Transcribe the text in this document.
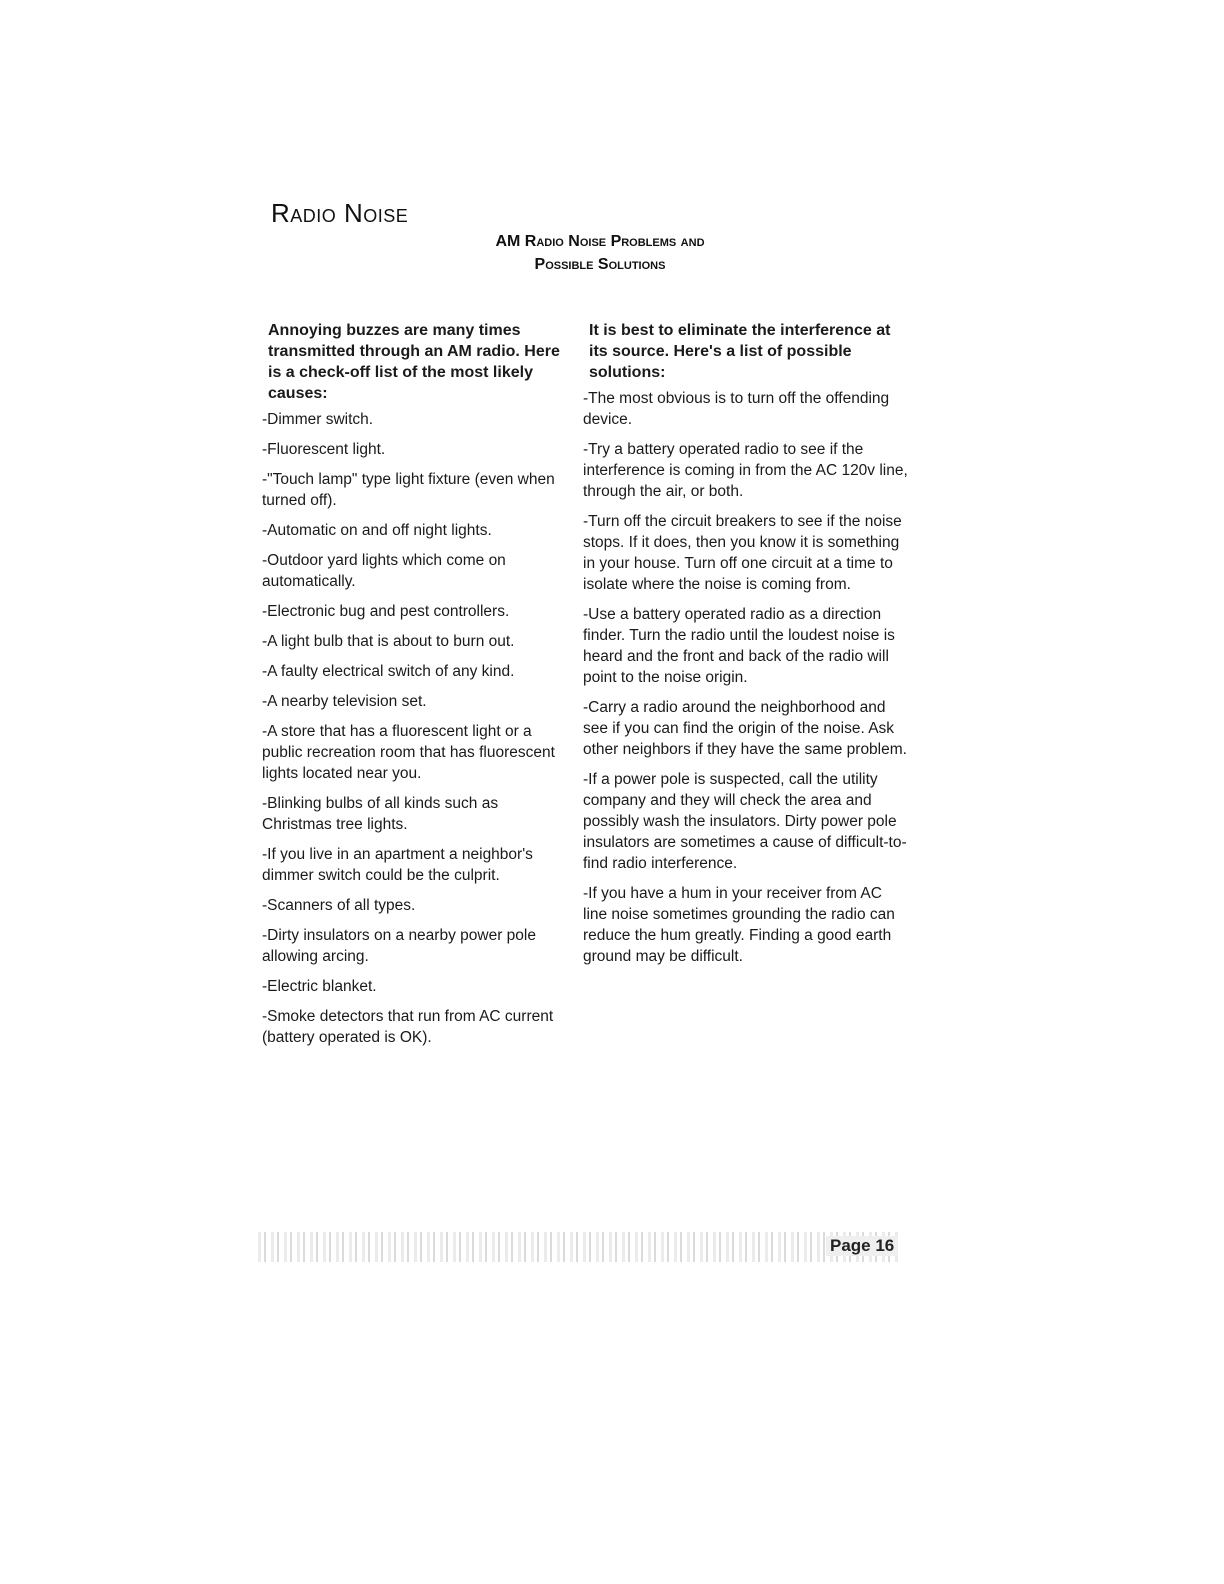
Radio Noise
AM Radio Noise Problems and
Possible Solutions
Annoying buzzes are many times transmitted through an AM radio. Here is a check-off list of the most likely causes:
-Dimmer switch.
-Fluorescent light.
-"Touch lamp" type light fixture (even when turned off).
-Automatic on and off night lights.
-Outdoor yard lights which come on automatically.
-Electronic bug and pest controllers.
-A light bulb that is about to burn out.
-A faulty electrical switch of any kind.
-A nearby television set.
-A store that has a fluorescent light or a public recreation room that has fluorescent lights located near you.
-Blinking bulbs of all kinds such as Christmas tree lights.
-If you live in an apartment a neighbor's dimmer switch could be the culprit.
-Scanners of all types.
-Dirty insulators on a nearby power pole allowing arcing.
-Electric blanket.
-Smoke detectors that run from AC current (battery operated is OK).
It is best to eliminate the interference at its source. Here's a list of possible solutions:
-The most obvious is to turn off the offending device.
-Try a battery operated radio to see if the interference is coming in from the AC 120v line, through the air, or both.
-Turn off the circuit breakers to see if the noise stops. If it does, then you know it is something in your house. Turn off one circuit at a time to isolate where the noise is coming from.
-Use a battery operated radio as a direction finder. Turn the radio until the loudest noise is heard and the front and back of the radio will point to the noise origin.
-Carry a radio around the neighborhood and see if you can find the origin of the noise. Ask other neighbors if they have the same problem.
-If a power pole is suspected, call the utility company and they will check the area and possibly wash the insulators. Dirty power pole insulators are sometimes a cause of difficult-to-find radio interference.
-If you have a hum in your receiver from AC line noise sometimes grounding the radio can reduce the hum greatly. Finding a good earth ground may be difficult.
Page 16
